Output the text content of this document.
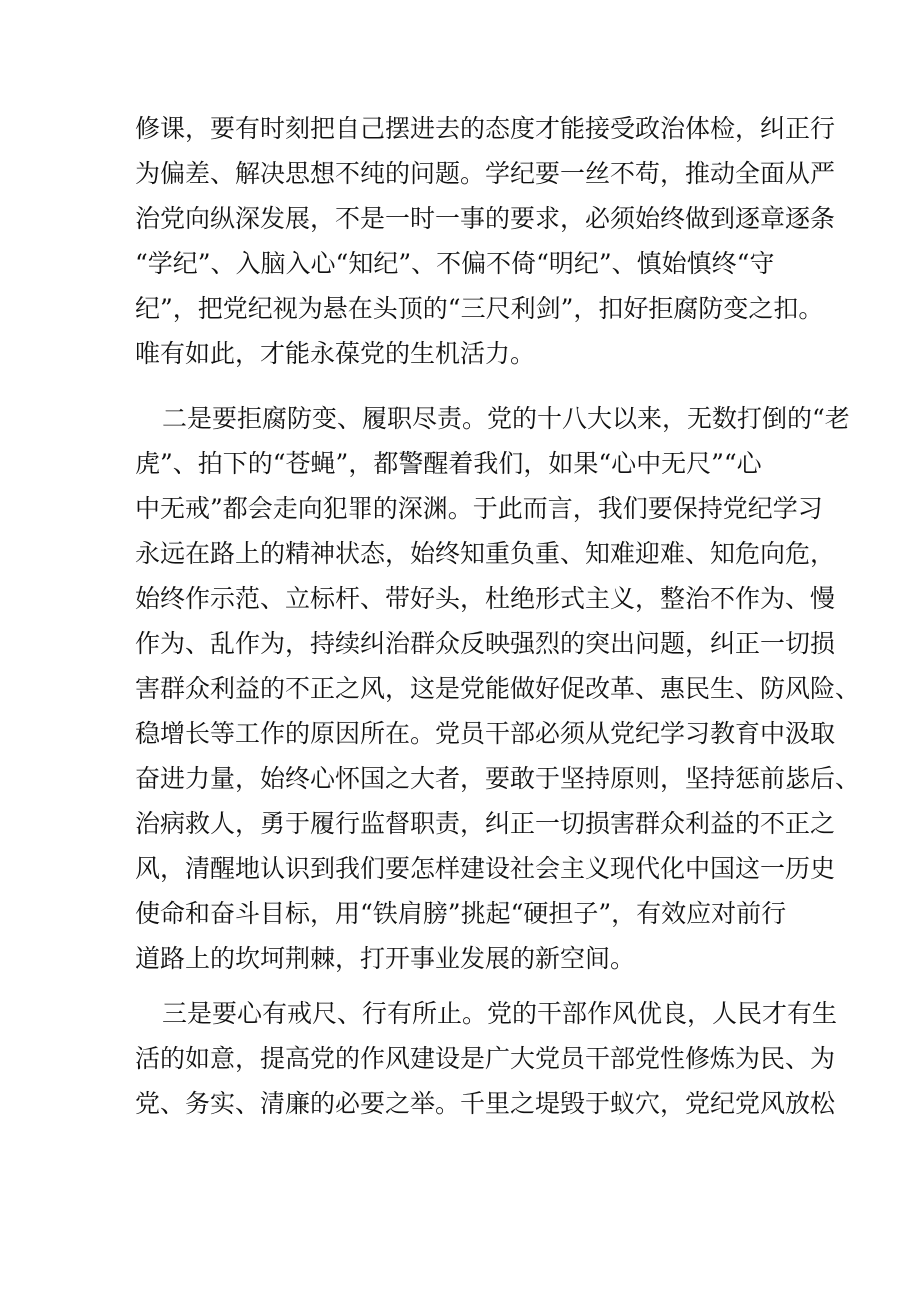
修课，要有时刻把自己摆进去的态度才能接受政治体检，纠正行
为偏差、解决思想不纯的问题。学纪要一丝不苟，推动全面从严
治党向纵深发展，不是一时一事的要求，必须始终做到逐章逐条
“学纪”、入脑入心“知纪”、不偏不倚“明纪”、慎始慎终“守
纪”，把党纪视为悬在头顶的“三尺利剑”，扣好拒腐防变之扣。
唯有如此，才能永葆党的生机活力。
二是要拒腐防变、履职尽责。党的十八大以来，无数打倒的“老
虎”、拍下的“苍蝇”，都警醒着我们，如果“心中无尺”“心
中无戒”都会走向犯罪的深渊。于此而言，我们要保持党纪学习
永远在路上的精神状态，始终知重负重、知难迎难、知危向危，
始终作示范、立标杆、带好头，杜绝形式主义，整治不作为、慢
作为、乱作为，持续纠治群众反映强烈的突出问题，纠正一切损
害群众利益的不正之风，这是党能做好促改革、惠民生、防风险、
稳增长等工作的原因所在。党员干部必须从党纪学习教育中汲取
奋进力量，始终心怀国之大者，要敢于坚持原则，坚持惩前毖后、
治病救人，勇于履行监督职责，纠正一切损害群众利益的不正之
风，清醒地认识到我们要怎样建设社会主义现代化中国这一历史
使命和奋斗目标，用“铁肩膀”挑起“硬担子”，有效应对前行
道路上的坎坷荆棘，打开事业发展的新空间。
三是要心有戒尺、行有所止。党的干部作风优良，人民才有生
活的如意，提高党的作风建设是广大党员干部党性修炼为民、为
党、务实、清廉的必要之举。千里之堤毁于蚁穴，党纪党风放松
